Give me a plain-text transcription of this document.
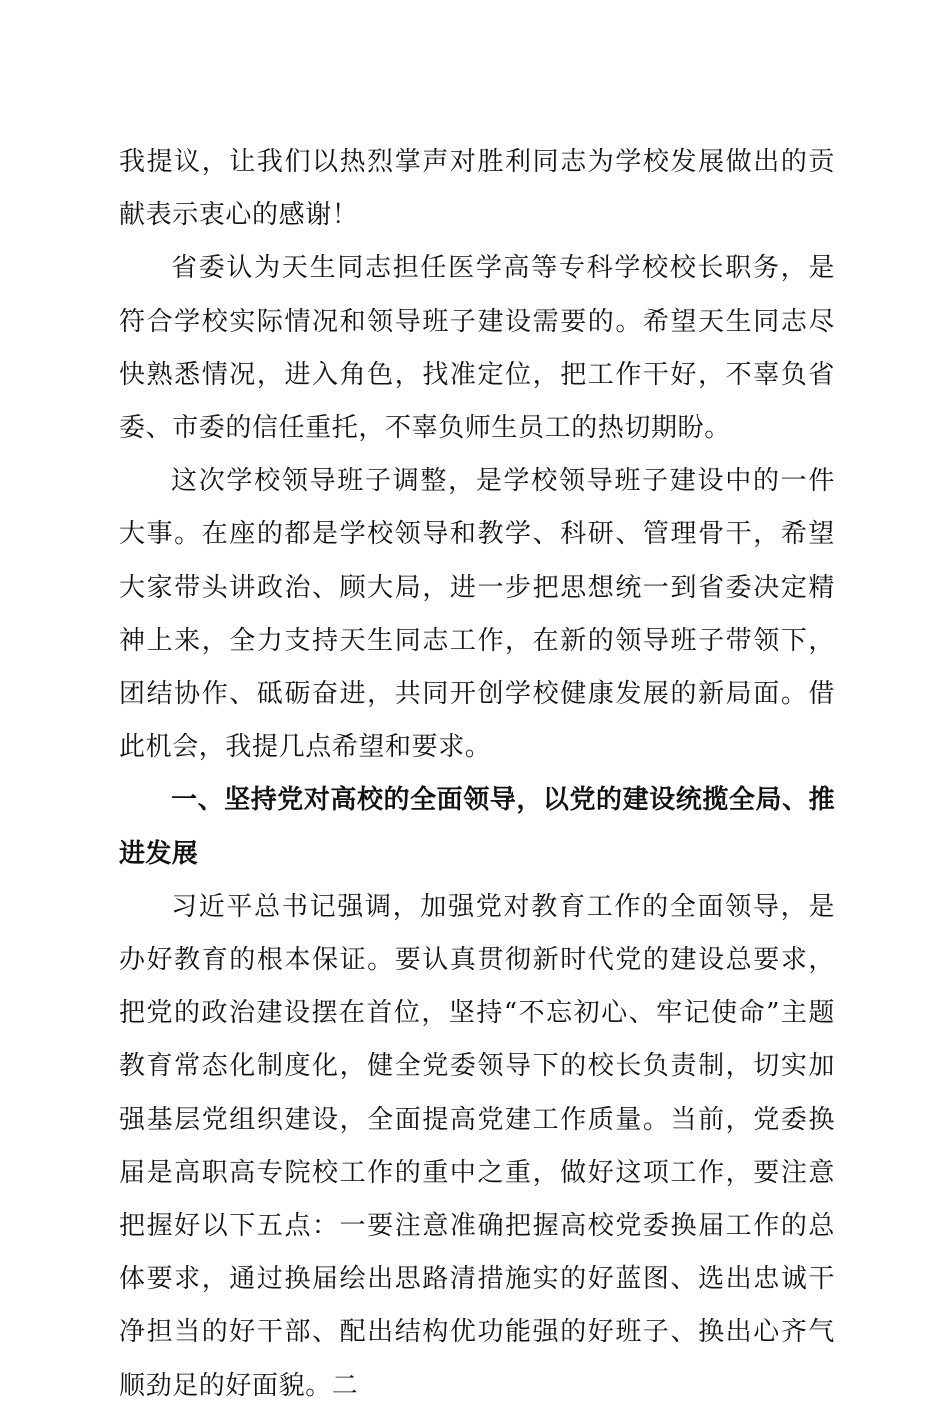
我提议，让我们以热烈掌声对胜利同志为学校发展做出的贡献表示衷心的感谢！

省委认为天生同志担任医学高等专科学校校长职务，是符合学校实际情况和领导班子建设需要的。希望天生同志尽快熟悉情况，进入角色，找准定位，把工作干好，不辜负省委、市委的信任重托，不辜负师生员工的热切期盼。

这次学校领导班子调整，是学校领导班子建设中的一件大事。在座的都是学校领导和教学、科研、管理骨干，希望大家带头讲政治、顾大局，进一步把思想统一到省委决定精神上来，全力支持天生同志工作，在新的领导班子带领下，团结协作、砥砺奋进，共同开创学校健康发展的新局面。借此机会，我提几点希望和要求。

一、坚持党对高校的全面领导，以党的建设统揽全局、推进发展

习近平总书记强调，加强党对教育工作的全面领导，是办好教育的根本保证。要认真贯彻新时代党的建设总要求，把党的政治建设摆在首位，坚持“不忘初心、牢记使命”主题教育常态化制度化，健全党委领导下的校长负责制，切实加强基层党组织建设，全面提高党建工作质量。当前，党委换届是高职高专院校工作的重中之重，做好这项工作，要注意把握好以下五点：一要注意准确把握高校党委换届工作的总体要求，通过换届绘出思路清措施实的好蓝图、选出忠诚干净担当的好干部、配出结构优功能强的好班子、换出心齐气顺劲足的好面貌。二
